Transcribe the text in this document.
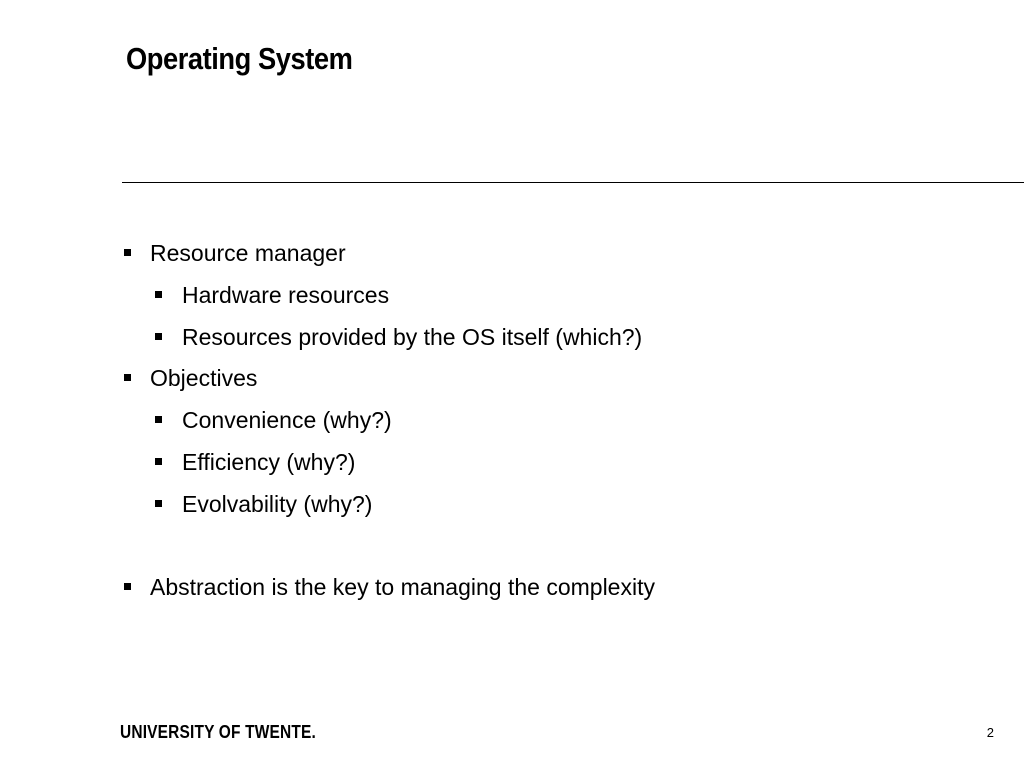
Operating System
Resource manager
Hardware resources
Resources provided by the OS itself (which?)
Objectives
Convenience (why?)
Efficiency (why?)
Evolvability (why?)
Abstraction is the key to managing the complexity
UNIVERSITY OF TWENTE.	2
